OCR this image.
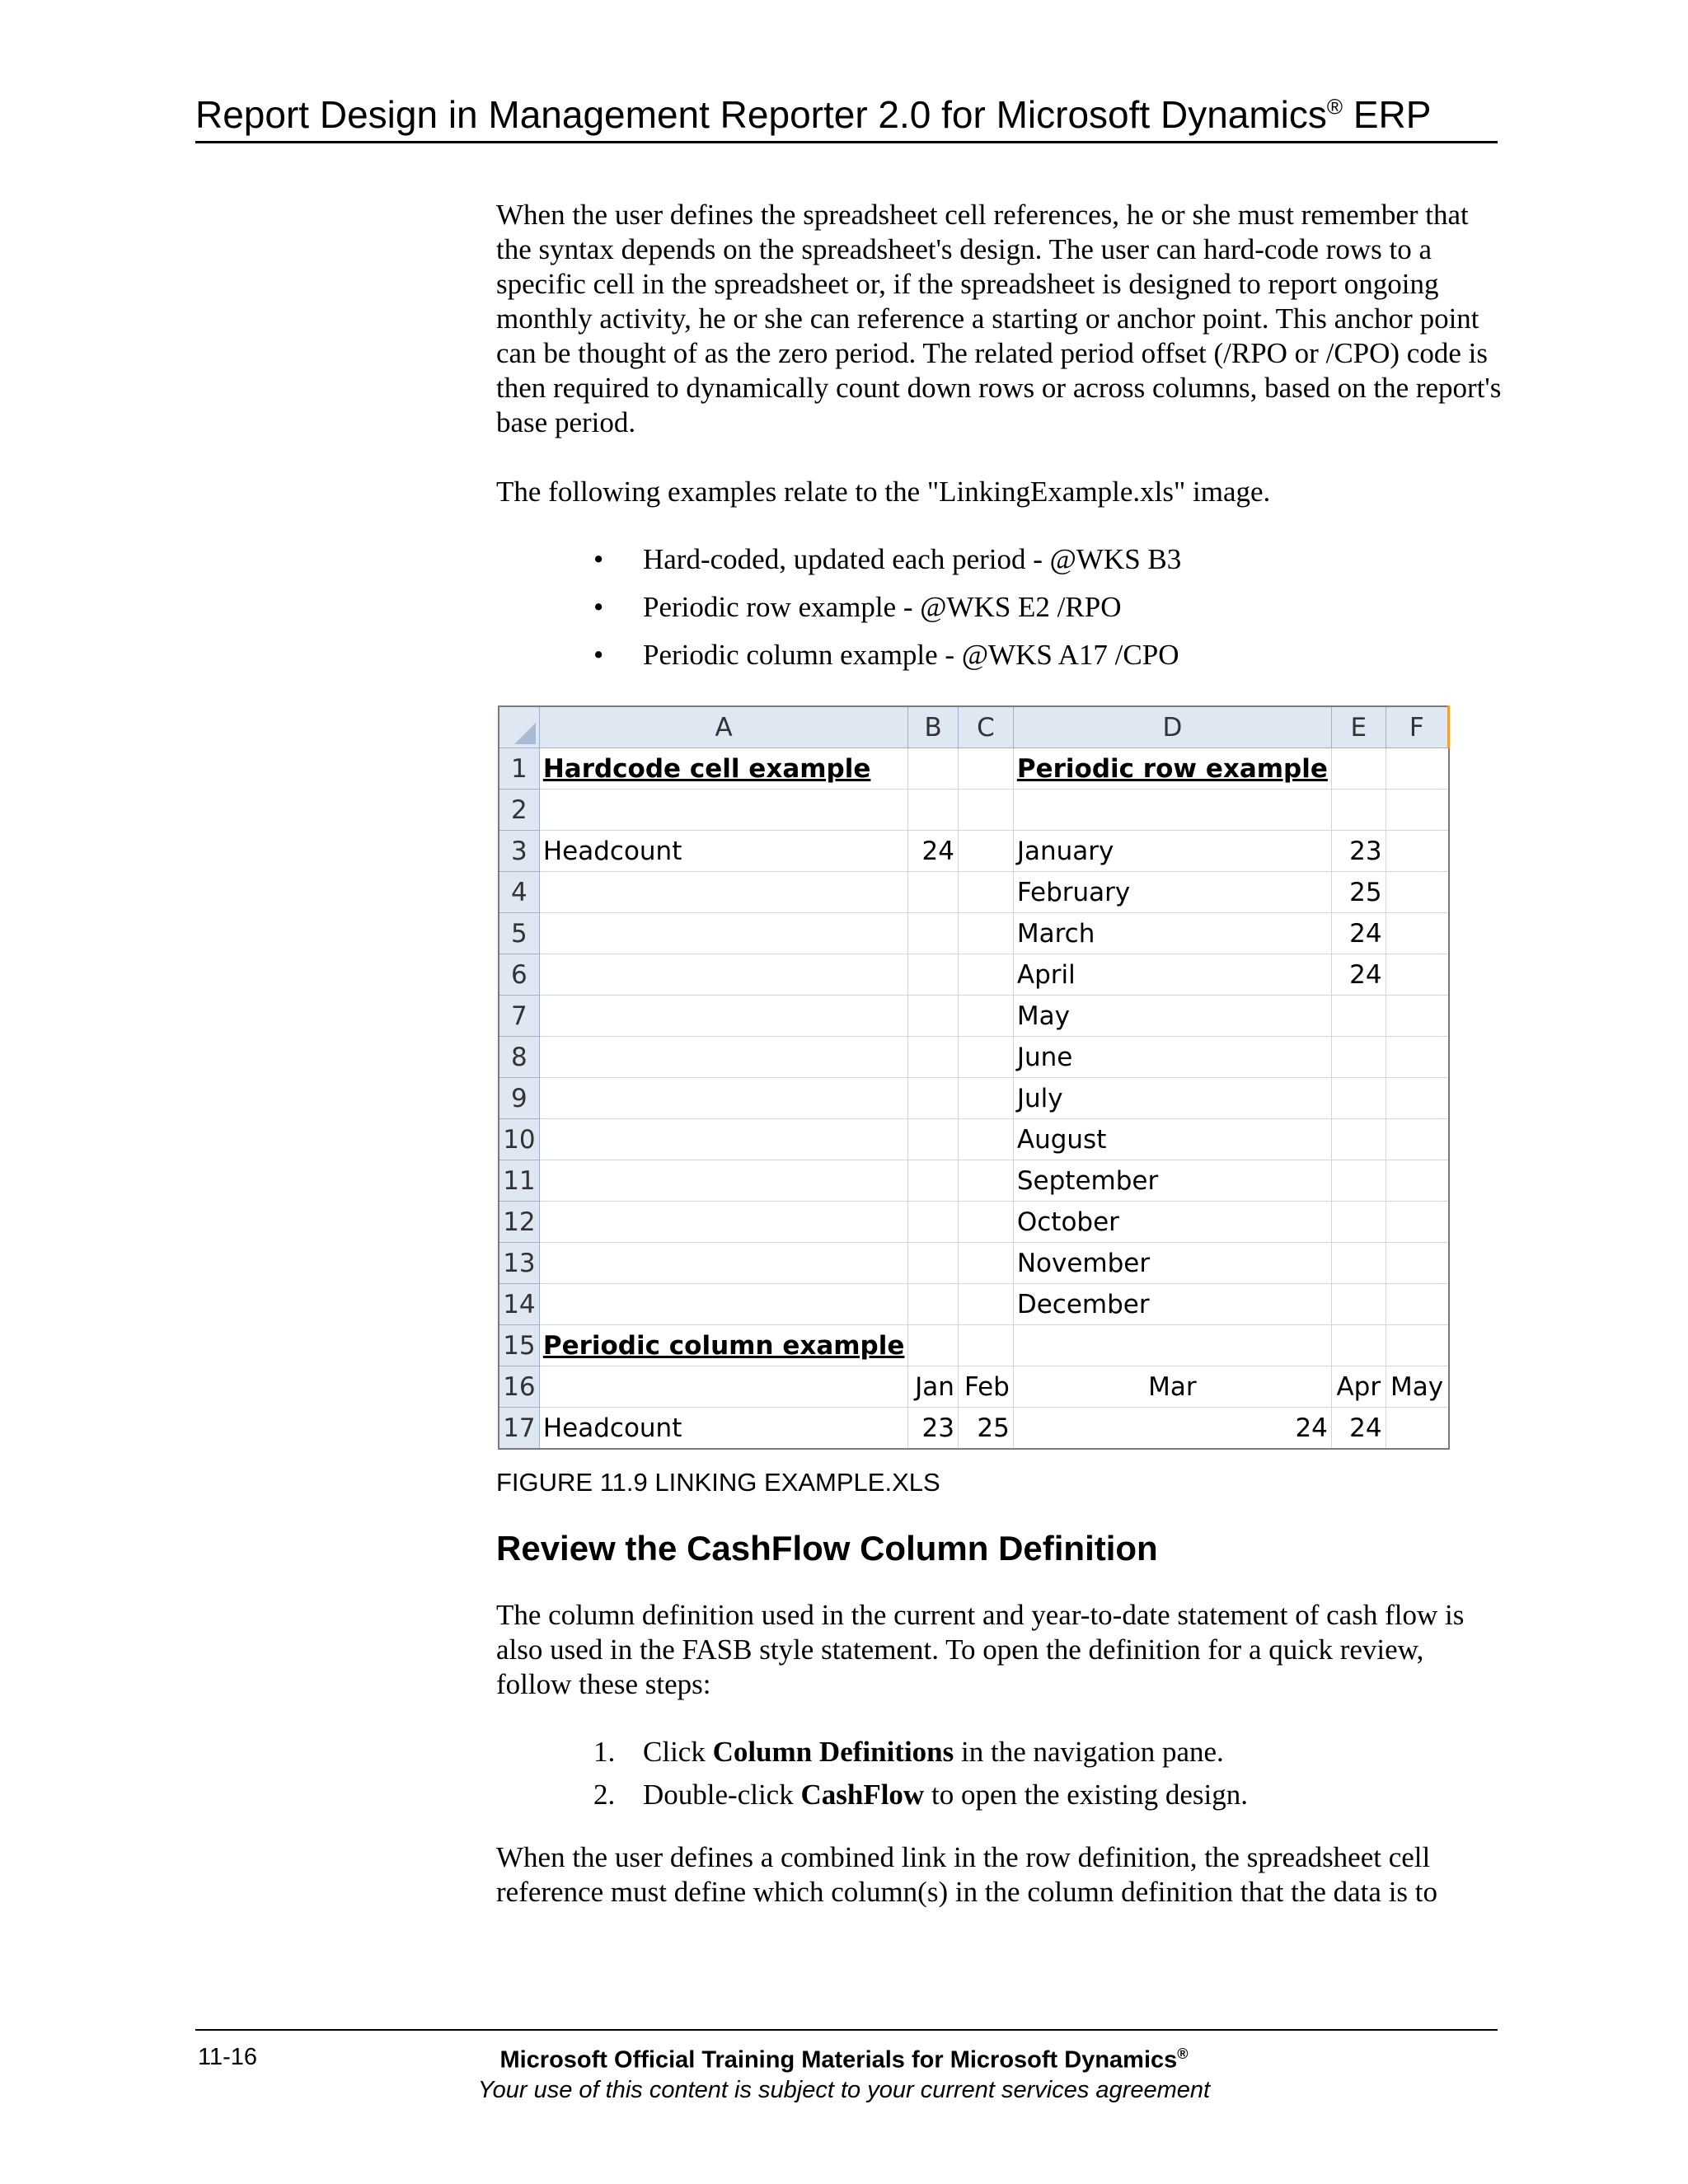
Report Design in Management Reporter 2.0 for Microsoft Dynamics® ERP

When the user defines the spreadsheet cell references, he or she must remember that the syntax depends on the spreadsheet's design. The user can hard-code rows to a specific cell in the spreadsheet or, if the spreadsheet is designed to report ongoing monthly activity, he or she can reference a starting or anchor point. This anchor point can be thought of as the zero period. The related period offset (/RPO or /CPO) code is then required to dynamically count down rows or across columns, based on the report's base period.

The following examples relate to the "LinkingExample.xls" image.

• Hard-coded, updated each period - @WKS B3
• Periodic row example - @WKS E2 /RPO
• Periodic column example - @WKS A17 /CPO
	A	B	C	D	E	F
1	Hardcode cell example			Periodic row example		
2						
3	Headcount	24		January	23	
4				February	25	
5				March	24	
6				April	24	
7				May		
8				June		
9				July		
10				August		
11				September		
12				October		
13				November		
14				December		
15	Periodic column example					
16		Jan	Feb	Mar	Apr	May
17	Headcount	23	25	24	24	
FIGURE 11.9 LINKING EXAMPLE.XLS
Review the CashFlow Column Definition

The column definition used in the current and year-to-date statement of cash flow is also used in the FASB style statement. To open the definition for a quick review, follow these steps:

1. Click Column Definitions in the navigation pane.
2. Double-click CashFlow to open the existing design.

When the user defines a combined link in the row definition, the spreadsheet cell reference must define which column(s) in the column definition that the data is to

11-16	Microsoft Official Training Materials for Microsoft Dynamics®
Your use of this content is subject to your current services agreement
